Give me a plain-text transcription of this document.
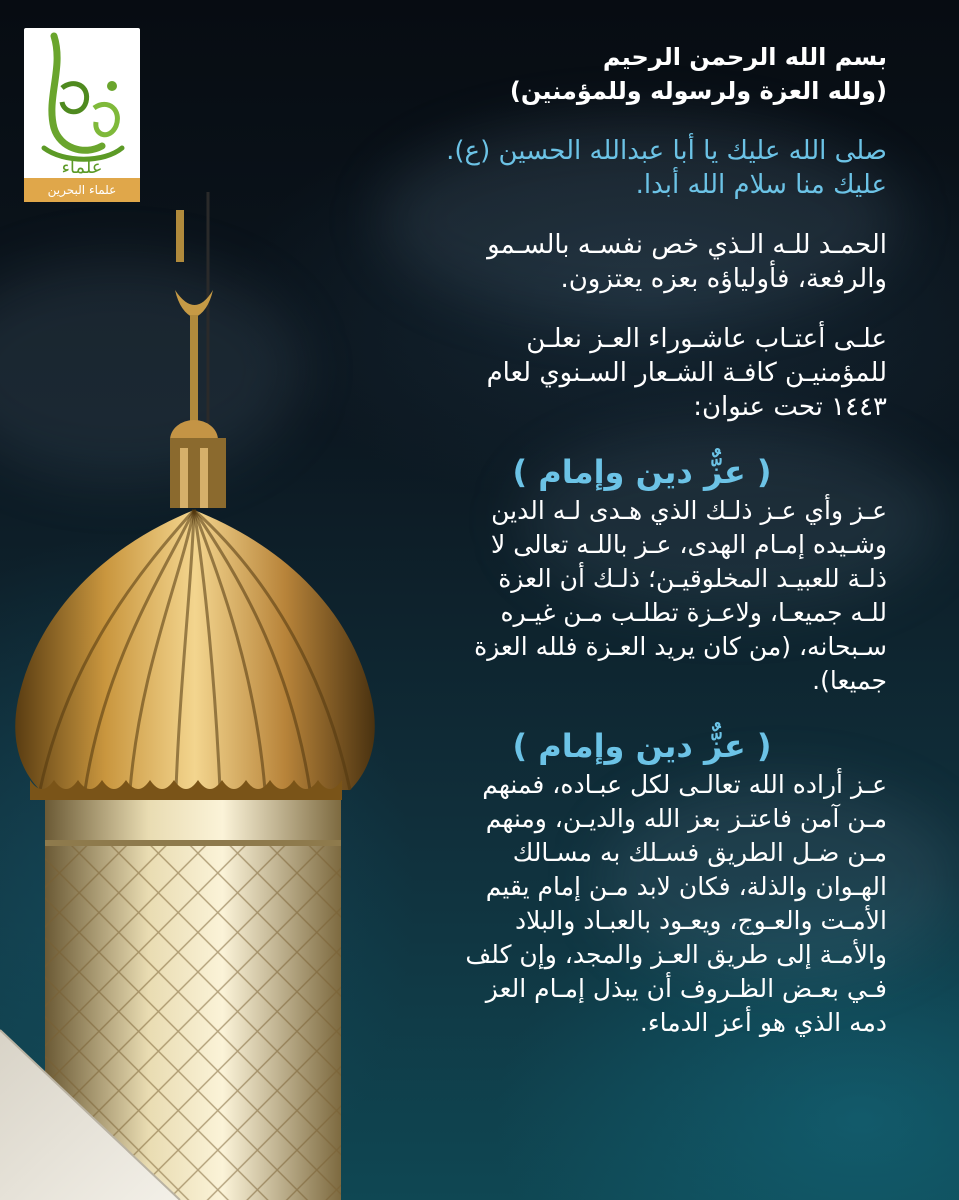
علماء
علماء البحرين
بسم الله الرحمن الرحيم
(ولله العزة ولرسوله وللمؤمنين)
صلى الله عليك يا أبا عبدالله الحسين (ع).
عليك منا سلام الله أبدا.
الحمـد للـه الـذي خص نفسـه بالسـمو
والرفعة، فأولياؤه بعزه يعتزون.
علـى أعتـاب عاشـوراء العـز نعلـن
للمؤمنيـن كافـة الشـعار السـنوي لعام
١٤٤٣ تحت عنوان:
( عزٌّ دين وإمام )
عـز وأي عـز ذلـك الذي هـدى لـه الدين
وشـيده إمـام الهدى، عـز باللـه تعالى لا
ذلـة للعبيـد المخلوقيـن؛ ذلـك أن العزة
للـه جميعـا، ولاعـزة تطلـب مـن غيـره
سـبحانه، (من كان يريد العـزة فلله العزة
جميعا).
( عزٌّ دين وإمام )
عـز أراده الله تعالـى لكل عبـاده، فمنهم
مـن آمن فاعتـز بعز الله والديـن، ومنهم
مـن ضـل الطريق فسـلك به مسـالك
الهـوان والذلة، فكان لابد مـن إمام يقيم
الأمـت والعـوج، ويعـود بالعبـاد والبلاد
والأمـة إلى طريق العـز والمجد، وإن كلف
فـي بعـض الظـروف أن يبذل إمـام العز
دمه الذي هو أعز الدماء.
